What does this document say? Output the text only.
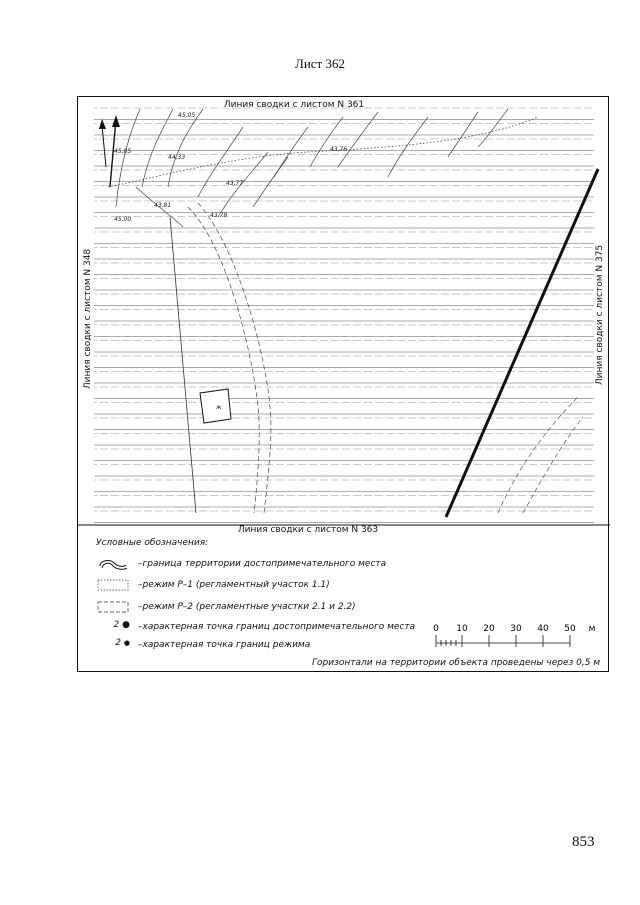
Лист 362
45,05
45,05
44,33
43,76
43,77
43,81
43,79
45,00
ж
Линия сводки с листом N 361
Линия сводки с листом N 363
Линия сводки с листом N 348	Линия сводки с листом N 375
Условные обозначения:
–граница территории достопримечательного места
–режим Р–1 (регламентный участок 1.1)
–режим Р–2 (регламентные участки 2.1 и 2.2)
2 ● –характерная точка границ достопримечательного места
2 ● –характерная точка границ режима
0 10 20 30 40 50 м
Горизонтали на территории объекта проведены через 0,5 м
853
